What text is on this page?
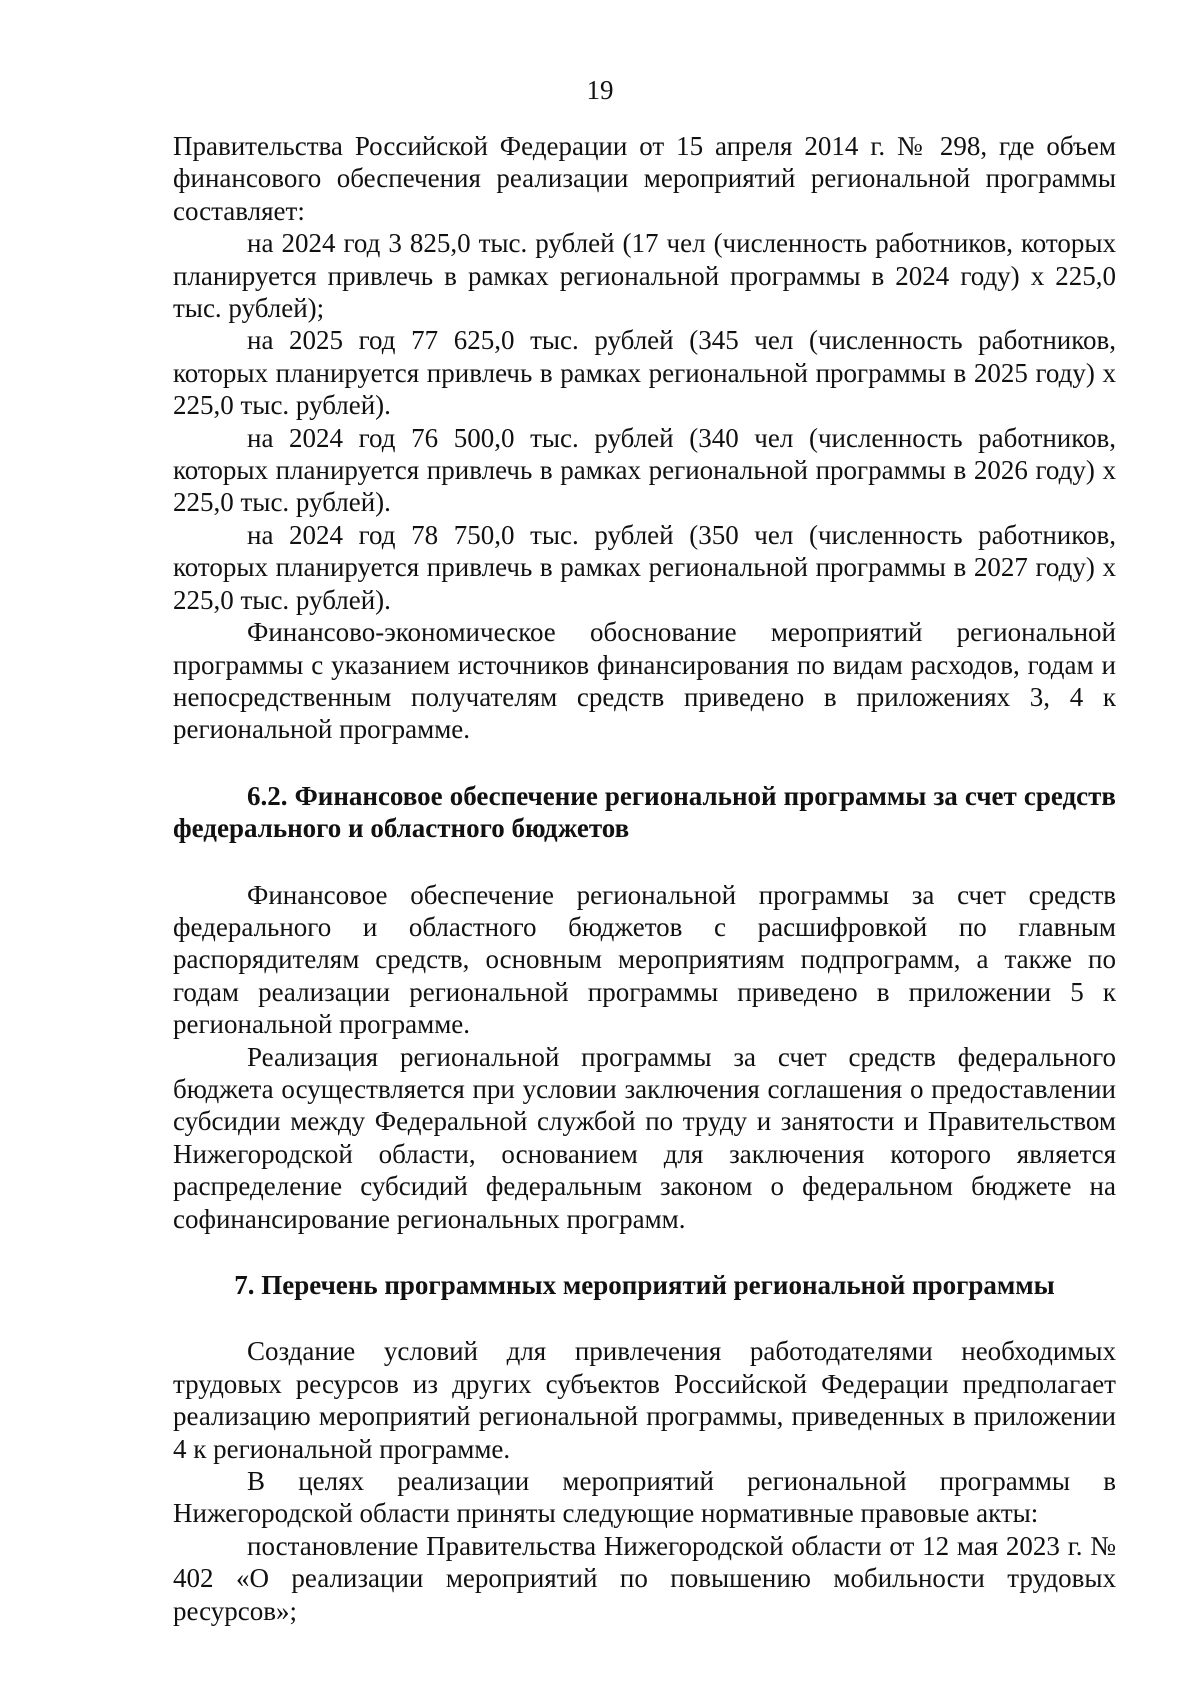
19

Правительства Российской Федерации от 15 апреля 2014 г. № 298, где объем финансового обеспечения реализации мероприятий региональной программы составляет:

на 2024 год 3 825,0 тыс. рублей (17 чел (численность работников, которых планируется привлечь в рамках региональной программы в 2024 году) х 225,0 тыс. рублей);

на 2025 год 77 625,0 тыс. рублей (345 чел (численность работников, которых планируется привлечь в рамках региональной программы в 2025 году) х 225,0 тыс. рублей).

на 2024 год 76 500,0 тыс. рублей (340 чел (численность работников, которых планируется привлечь в рамках региональной программы в 2026 году) х 225,0 тыс. рублей).

на 2024 год 78 750,0 тыс. рублей (350 чел (численность работников, которых планируется привлечь в рамках региональной программы в 2027 году) х 225,0 тыс. рублей).

Финансово-экономическое обоснование мероприятий региональной программы с указанием источников финансирования по видам расходов, годам и непосредственным получателям средств приведено в приложениях 3, 4 к региональной программе.

6.2. Финансовое обеспечение региональной программы за счет средств федерального и областного бюджетов

Финансовое обеспечение региональной программы за счет средств федерального и областного бюджетов с расшифровкой по главным распорядителям средств, основным мероприятиям подпрограмм, а также по годам реализации региональной программы приведено в приложении 5 к региональной программе.

Реализация региональной программы за счет средств федерального бюджета осуществляется при условии заключения соглашения о предоставлении субсидии между Федеральной службой по труду и занятости и Правительством Нижегородской области, основанием для заключения которого является распределение субсидий федеральным законом о федеральном бюджете на софинансирование региональных программ.

7. Перечень программных мероприятий региональной программы

Создание условий для привлечения работодателями необходимых трудовых ресурсов из других субъектов Российской Федерации предполагает реализацию мероприятий региональной программы, приведенных в приложении 4 к региональной программе.

В целях реализации мероприятий региональной программы в Нижегородской области приняты следующие нормативные правовые акты:

постановление Правительства Нижегородской области от 12 мая 2023 г. № 402 «О реализации мероприятий по повышению мобильности трудовых ресурсов»;
